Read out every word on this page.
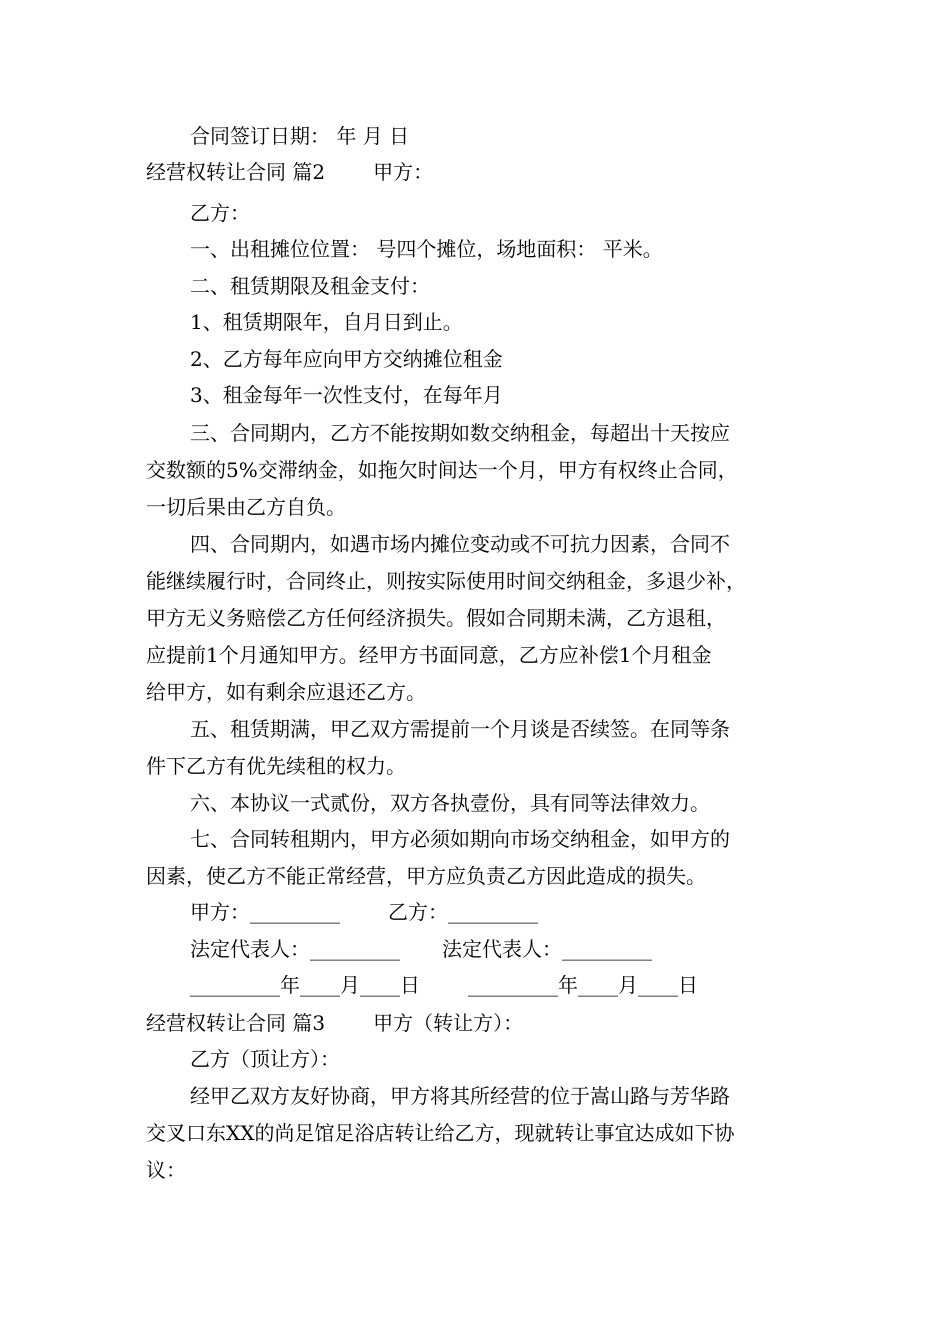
合同签订日期： 年 月 日
经营权转让合同 篇2 甲方：
乙方：
一、出租摊位位置： 号四个摊位，场地面积： 平米。
二、租赁期限及租金支付：
1、租赁期限年，自月日到止。
2、乙方每年应向甲方交纳摊位租金
3、租金每年一次性支付，在每年月
三、合同期内，乙方不能按期如数交纳租金，每超出十天按应
交数额的5%交滞纳金，如拖欠时间达一个月，甲方有权终止合同，
一切后果由乙方自负。
四、合同期内，如遇市场内摊位变动或不可抗力因素，合同不
能继续履行时，合同终止，则按实际使用时间交纳租金，多退少补，
甲方无义务赔偿乙方任何经济损失。假如合同期未满，乙方退租，
应提前1个月通知甲方。经甲方书面同意，乙方应补偿1个月租金
给甲方，如有剩余应退还乙方。
五、租赁期满，甲乙双方需提前一个月谈是否续签。在同等条
件下乙方有优先续租的权力。
六、本协议一式贰份，双方各执壹份，具有同等法律效力。
七、合同转租期内，甲方必须如期向市场交纳租金，如甲方的
因素，使乙方不能正常经营，甲方应负责乙方因此造成的损失。
甲方：_________ 乙方：_________
法定代表人：_________ 法定代表人：_________
_________年____月____日 _________年____月____日
经营权转让合同 篇3 甲方（转让方）：
乙方（顶让方）：
经甲乙双方友好协商，甲方将其所经营的位于嵩山路与芳华路
交叉口东XX的尚足馆足浴店转让给乙方，现就转让事宜达成如下协
议：
